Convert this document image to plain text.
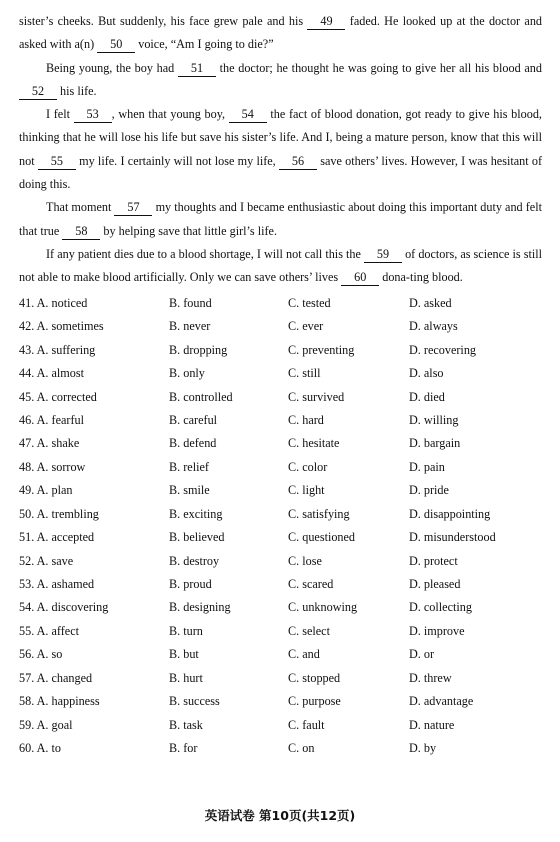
sister’s cheeks. But suddenly, his face grew pale and his 49 faded. He looked up at the doctor and asked with a(n) 50 voice, “Am I going to die?”

Being young, the boy had 51 the doctor; he thought he was going to give her all his blood and 52 his life.

I felt 53 , when that young boy, 54 the fact of blood donation, got ready to give his blood, thinking that he will lose his life but save his sister’s life. And I, being a mature person, know that this will not 55 my life. I certainly will not lose my life, 56 save others’ lives. However, I was hesitant of doing this.

That moment 57 my thoughts and I became enthusiastic about doing this important duty and felt that true 58 by helping save that little girl’s life.

If any patient dies due to a blood shortage, I will not call this the 59 of doctors, as science is still not able to make blood artificially. Only we can save others’ lives 60 dona-ting blood.

41. A. noticed	B. found	C. tested	D. asked
42. A. sometimes	B. never	C. ever	D. always
43. A. suffering	B. dropping	C. preventing	D. recovering
44. A. almost	B. only	C. still	D. also
45. A. corrected	B. controlled	C. survived	D. died
46. A. fearful	B. careful	C. hard	D. willing
47. A. shake	B. defend	C. hesitate	D. bargain
48. A. sorrow	B. relief	C. color	D. pain
49. A. plan	B. smile	C. light	D. pride
50. A. trembling	B. exciting	C. satisfying	D. disappointing
51. A. accepted	B. believed	C. questioned	D. misunderstood
52. A. save	B. destroy	C. lose	D. protect
53. A. ashamed	B. proud	C. scared	D. pleased
54. A. discovering	B. designing	C. unknowing	D. collecting
55. A. affect	B. turn	C. select	D. improve
56. A. so	B. but	C. and	D. or
57. A. changed	B. hurt	C. stopped	D. threw
58. A. happiness	B. success	C. purpose	D. advantage
59. A. goal	B. task	C. fault	D. nature
60. A. to	B. for	C. on	D. by
英语试卷 第10页(共12页)
